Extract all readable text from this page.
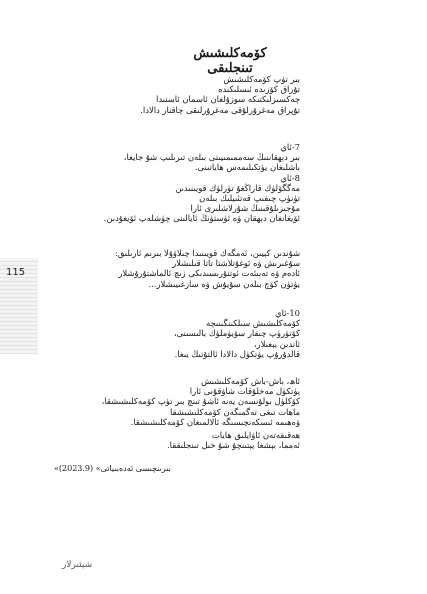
115
كۆمەكلىشىش تىنجلىقى
بىر تۈپ كۆمەكلىشىش
تۇراق كۆزىدە ئىسلىكىدە
چەكسىزلىكتىكە سوزۇلغان ئاسمان ئاستىدا
تۇپراق مەغرۇرلۇقى مەغرۇرلىقى چاقنار دالادا.
7-ئاي
بىر دېھقاننىڭ سەممىمىيىتى بىلەن تىرىلىپ شۇ جايغا،
باشلىغان يۈتكىلىمەس ھاياتىنى.
8-ئاي
مەگگۆلۈك قاراڭغۇ تۈرلۈك قويىنىدىن
تۈنۈپ چىقىپ قەتئىيلىك بىلەن
مۇجىزىلۇقىنىڭ شۇرلاشلىرى ئارا
ئۆيغانغان دېھقان ۋە ئۈستۈنڭ ئايالىنى چۈشلەپ ئۆيغۇدىن.
شۇندىن كېيىن، ئەمگەك قويىنىدا چىلاۋۇلا بىرىم ئارىلىق:
سۇغىرىش ۋە ئوغۇتلاشتا تاتا قىلىشلار
ئادەم ۋە تەبىئەت ئوتتۇرىسىدىكى زىچ ئالماشتۇرۇشلار
يۈتۈن كۆچ بىلەن سۇيۇش ۋە سازغىيىشلار...
10-ئاي
كۆمەكلىشىش سىلكىنگىنىچە
كۆتۈرۈپ چىقار سۆيۈملۈك بالىسىنى،
ئاندىن يېغىلار،
قالدۇرۇپ يۈتكۈل دالادا ئالتۇنىڭ يىغا.
ئاھ، باش-باش كۆمەكلىشىش
يۈتكۈل مەخلۇقات شاۋقۇنى ئارا
كۆكلۈل بولۇنسەن يەنە ئاشۇ تىنچ بىر تۈپ كۆمەكلىشىشقا،
ماھات تىغى تەگمىگەن كۆمەكلىشىشقا
ۋەھىمە ئىسكەنچىسىگە ئالالمىغان كۆمەكلىشىشقا.
ھەقىقەتەن ئاۋايلىق ھايات
ئەمما، بېشغا يېتىنچۇ شۇ خىل تىنجلىققا.
«بىرىنچىسى ئەدەبىياتى» (2023.9)
شېئىرلار
